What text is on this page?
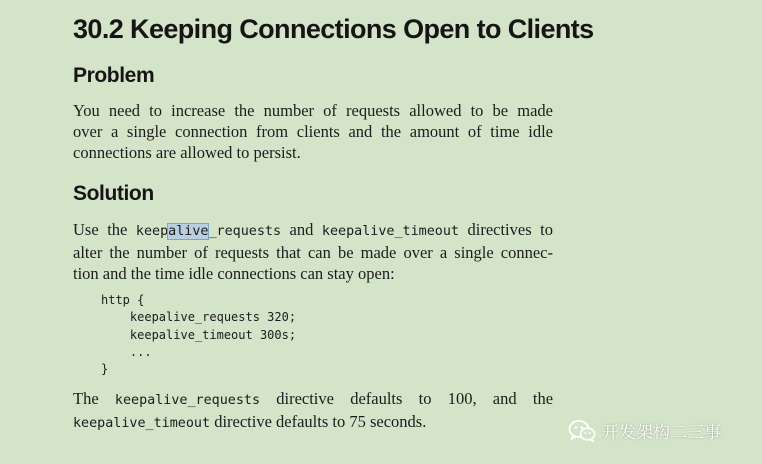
30.2 Keeping Connections Open to Clients
Problem

You need to increase the number of requests allowed to be made
over a single connection from clients and the amount of time idle
connections are allowed to persist.

Solution

Use the keepalive_requests and keepalive_timeout directives to
alter the number of requests that can be made over a single connec-
tion and the time idle connections can stay open:

http {
keepalive_requests 320;
keepalive_timeout 300s;
...
}

The keepalive_requests directive defaults to 100, and the
keepalive_timeout directive defaults to 75 seconds.

开发架构二三事
